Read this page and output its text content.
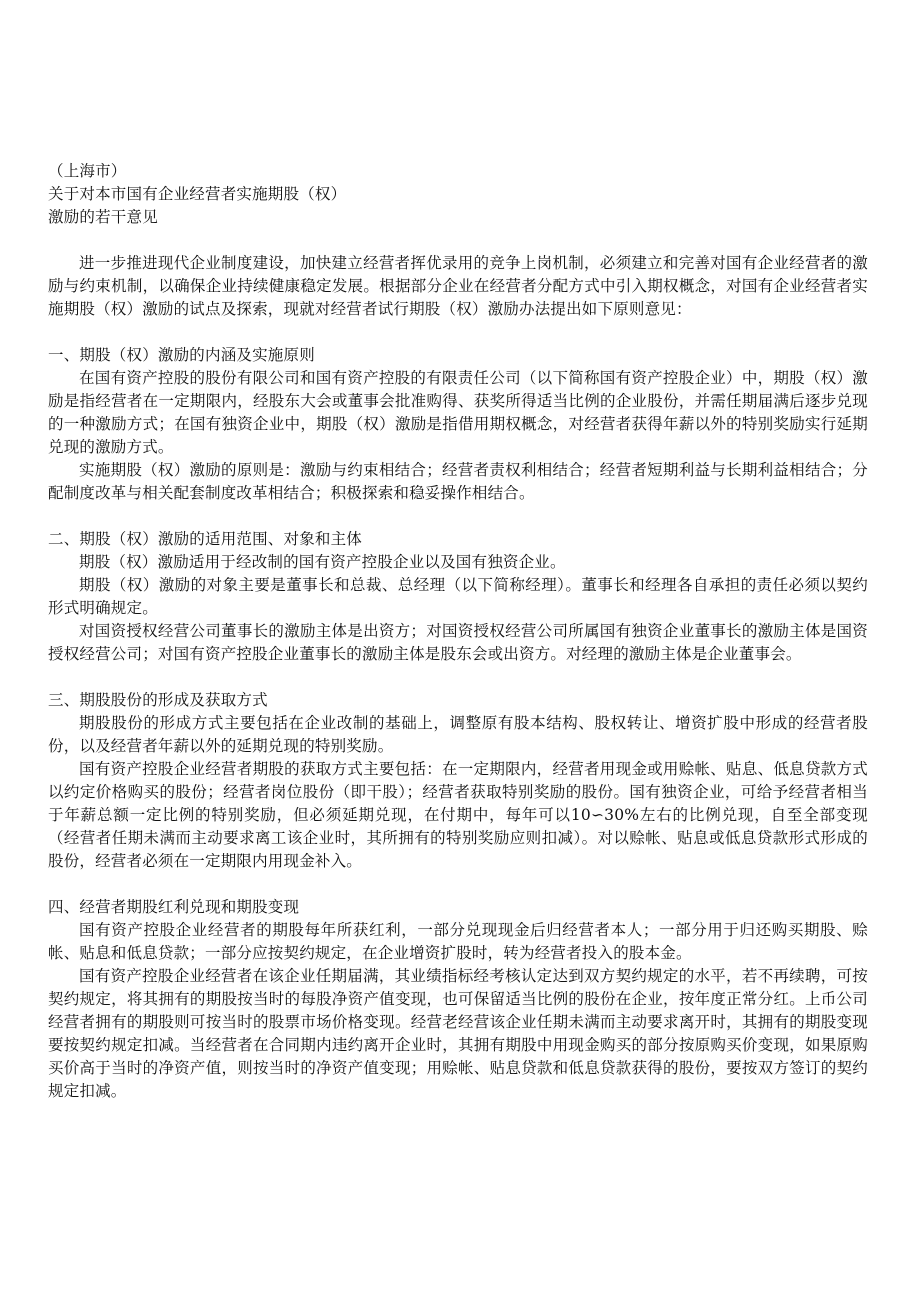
（上海市）
关于对本市国有企业经营者实施期股（权）
激励的若干意见

进一步推进现代企业制度建设，加快建立经营者挥优录用的竞争上岗机制，必须建立和完善对国有企业经营者的激励与约束机制，以确保企业持续健康稳定发展。根据部分企业在经营者分配方式中引入期权概念，对国有企业经营者实施期股（权）激励的试点及探索，现就对经营者试行期股（权）激励办法提出如下原则意见：

一、期股（权）激励的内涵及实施原则

在国有资产控股的股份有限公司和国有资产控股的有限责任公司（以下简称国有资产控股企业）中，期股（权）激励是指经营者在一定期限内，经股东大会或董事会批准购得、获奖所得适当比例的企业股份，并需任期届满后逐步兑现的一种激励方式；在国有独资企业中，期股（权）激励是指借用期权概念，对经营者获得年薪以外的特别奖励实行延期兑现的激励方式。

实施期股（权）激励的原则是：激励与约束相结合；经营者责权利相结合；经营者短期利益与长期利益相结合；分配制度改革与相关配套制度改革相结合；积极探索和稳妥操作相结合。

二、期股（权）激励的适用范围、对象和主体

期股（权）激励适用于经改制的国有资产控股企业以及国有独资企业。

期股（权）激励的对象主要是董事长和总裁、总经理（以下简称经理）。董事长和经理各自承担的责任必须以契约形式明确规定。

对国资授权经营公司董事长的激励主体是出资方；对国资授权经营公司所属国有独资企业董事长的激励主体是国资授权经营公司；对国有资产控股企业董事长的激励主体是股东会或出资方。对经理的激励主体是企业董事会。

三、期股股份的形成及获取方式

期股股份的形成方式主要包括在企业改制的基础上，调整原有股本结构、股权转让、增资扩股中形成的经营者股份，以及经营者年薪以外的延期兑现的特别奖励。

国有资产控股企业经营者期股的获取方式主要包括：在一定期限内，经营者用现金或用赊帐、贴息、低息贷款方式以约定价格购买的股份；经营者岗位股份（即干股）；经营者获取特别奖励的股份。国有独资企业，可给予经营者相当于年薪总额一定比例的特别奖励，但必须延期兑现，在付期中，每年可以10∽30%左右的比例兑现，自至全部变现（经营者任期未满而主动要求离工该企业时，其所拥有的特别奖励应则扣减）。对以赊帐、贴息或低息贷款形式形成的股份，经营者必须在一定期限内用现金补入。

四、经营者期股红利兑现和期股变现

国有资产控股企业经营者的期股每年所获红利，一部分兑现现金后归经营者本人；一部分用于归还购买期股、赊帐、贴息和低息贷款；一部分应按契约规定，在企业增资扩股时，转为经营者投入的股本金。

国有资产控股企业经营者在该企业任期届满，其业绩指标经考核认定达到双方契约规定的水平，若不再续聘，可按契约规定，将其拥有的期股按当时的每股净资产值变现，也可保留适当比例的股份在企业，按年度正常分红。上币公司经营者拥有的期股则可按当时的股票市场价格变现。经营老经营该企业任期未满而主动要求离开时，其拥有的期股变现要按契约规定扣减。当经营者在合同期内违约离开企业时，其拥有期股中用现金购买的部分按原购买价变现，如果原购买价高于当时的净资产值，则按当时的净资产值变现；用赊帐、贴息贷款和低息贷款获得的股份，要按双方签订的契约规定扣减。
